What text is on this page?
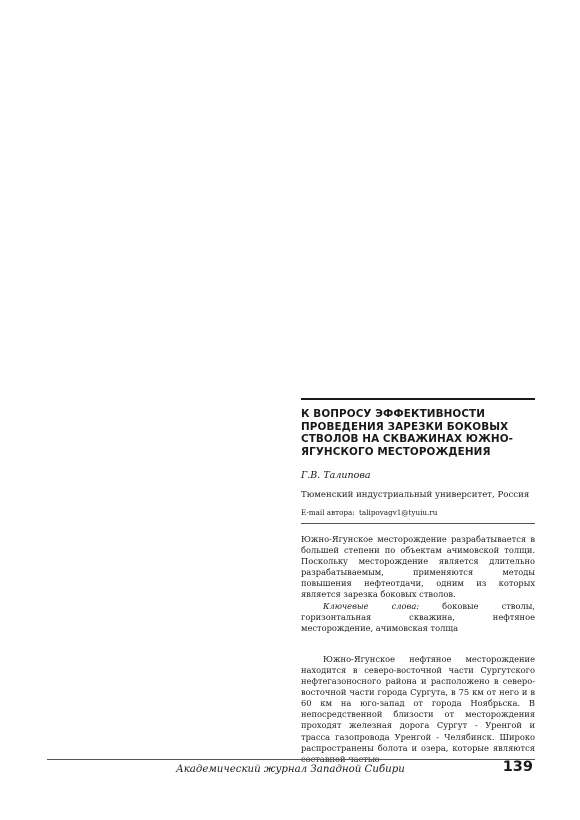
К ВОПРОСУ ЭФФЕКТИВНОСТИ
ПРОВЕДЕНИЯ ЗАРЕЗКИ БОКОВЫХ
СТВОЛОВ НА СКВАЖИНАХ ЮЖНО-
ЯГУНСКОГО МЕСТОРОЖДЕНИЯ
Г.В. Талипова
Тюменский индустриальный университет, Россия
E-mail автора: talipovagv1@tyuiu.ru

Южно-Ягунское месторождение разрабатывается в большей степени по объектам ачимовской толщи. Поскольку месторождение является длительно разрабатываемым, применяются методы повышения нефтеотдачи, одним из которых является зарезка боковых стволов.

Ключевые слова:	боковые стволы, горизонтальная скважина, нефтяное месторождение, ачимовская толща

Южно-Ягунское нефтяное месторождение находится в северо-восточной части Сургутского нефтегазоносного района и расположено в северо-восточной части города Сургута, в 75 км от него и в 60 км на юго-запад от города Ноябрьска. В непосредственной близости от месторождения проходят железная дорога Сургут - Уренгой и трасса газопровода Уренгой - Челябинск. Широко распространены болота и озера, которые являются

Академический журнал Западной Сибири	139
